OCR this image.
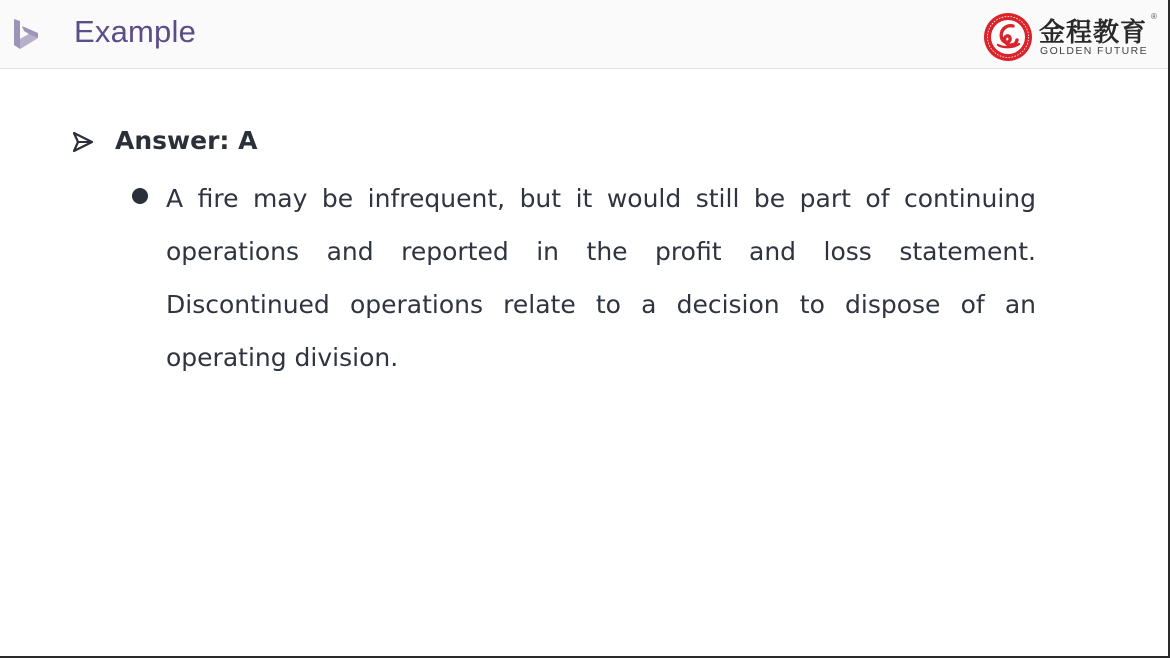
Example	金程教育
®
GOLDEN FUTURE
Answer: A

A fire may be infrequent, but it would still be part of continuing operations and reported in the profit and loss statement. Discontinued operations relate to a decision to dispose of an operating division.
